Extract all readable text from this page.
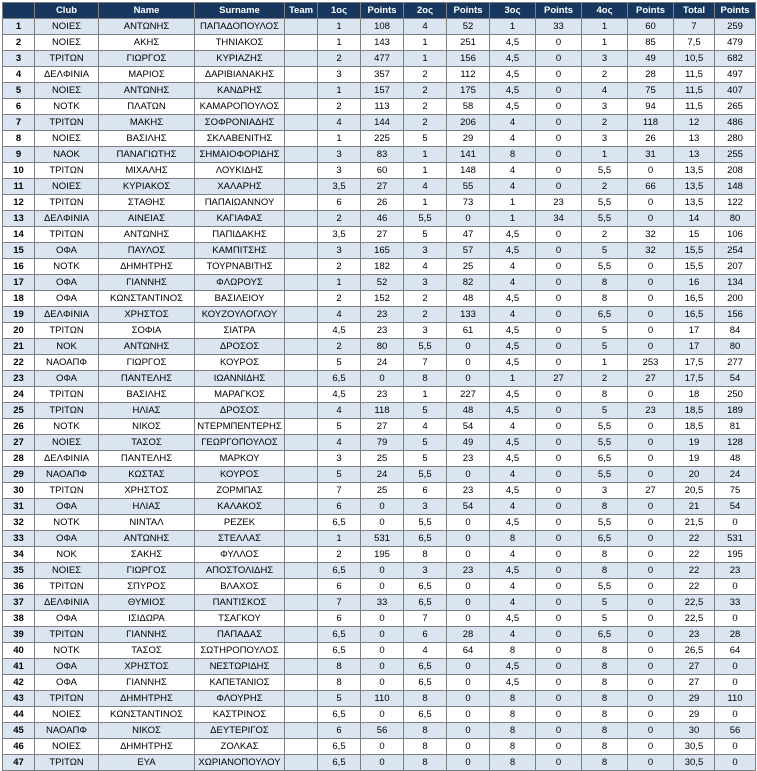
	Club	Name	Surname	Team	1ος	Points	2ος	Points	3ος	Points	4ος	Points	Total	Points
1	ΝΟΙΕΣ	ΑΝΤΩΝΗΣ	ΠΑΠΑΔΟΠΟΥΛΟΣ		1	108	4	52	1	33	1	60	7	259
2	ΝΟΙΕΣ	ΑΚΗΣ	ΤΗΝΙΑΚΟΣ		1	143	1	251	4,5	0	1	85	7,5	479
3	ΤΡΙΤΩΝ	ΓΙΩΡΓΟΣ	ΚΥΡΙΑΖΗΣ		2	477	1	156	4,5	0	3	49	10,5	682
4	ΔΕΛΦΙΝΙΑ	ΜΑΡΙΟΣ	ΔΑΡΙΒΙΑΝΑΚΗΣ		3	357	2	112	4,5	0	2	28	11,5	497
5	ΝΟΙΕΣ	ΑΝΤΩΝΗΣ	ΚΑΝΔΡΗΣ		1	157	2	175	4,5	0	4	75	11,5	407
6	ΝΟΤΚ	ΠΛΑΤΩΝ	ΚΑΜΑΡΟΠΟΥΛΟΣ		2	113	2	58	4,5	0	3	94	11,5	265
7	ΤΡΙΤΩΝ	ΜΑΚΗΣ	ΣΟΦΡΟΝΙΑΔΗΣ		4	144	2	206	4	0	2	118	12	486
8	ΝΟΙΕΣ	ΒΑΣΙΛΗΣ	ΣΚΛΑΒΕΝΙΤΗΣ		1	225	5	29	4	0	3	26	13	280
9	ΝΑΟΚ	ΠΑΝΑΓΙΩΤΗΣ	ΣΗΜΑΙΟΦΟΡΙΔΗΣ		3	83	1	141	8	0	1	31	13	255
10	ΤΡΙΤΩΝ	ΜΙΧΑΛΗΣ	ΛΟΥΚΙΔΗΣ		3	60	1	148	4	0	5,5	0	13,5	208
11	ΝΟΙΕΣ	ΚΥΡΙΑΚΟΣ	ΧΑΛΑΡΗΣ		3,5	27	4	55	4	0	2	66	13,5	148
12	ΤΡΙΤΩΝ	ΣΤΑΘΗΣ	ΠΑΠΑΙΩΑΝΝΟΥ		6	26	1	73	1	23	5,5	0	13,5	122
13	ΔΕΛΦΙΝΙΑ	ΑΙΝΕΙΑΣ	ΚΑΓΙΑΦΑΣ		2	46	5,5	0	1	34	5,5	0	14	80
14	ΤΡΙΤΩΝ	ΑΝΤΩΝΗΣ	ΠΑΠΙΔΑΚΗΣ		3,5	27	5	47	4,5	0	2	32	15	106
15	ΟΦΑ	ΠΑΥΛΟΣ	ΚΑΜΠΙΤΣΗΣ		3	165	3	57	4,5	0	5	32	15,5	254
16	ΝΟΤΚ	ΔΗΜΗΤΡΗΣ	ΤΟΥΡΝΑΒΙΤΗΣ		2	182	4	25	4	0	5,5	0	15,5	207
17	ΟΦΑ	ΓΙΑΝΝΗΣ	ΦΛΩΡΟΥΣ		1	52	3	82	4	0	8	0	16	134
18	ΟΦΑ	ΚΩΝΣΤΑΝΤΙΝΟΣ	ΒΑΣΙΛΕΙΟΥ		2	152	2	48	4,5	0	8	0	16,5	200
19	ΔΕΛΦΙΝΙΑ	ΧΡΗΣΤΟΣ	ΚΟΥΖΟΥΛΟΓΛΟΥ		4	23	2	133	4	0	6,5	0	16,5	156
20	ΤΡΙΤΩΝ	ΣΟΦΙΑ	ΣΙΑΤΡΑ		4,5	23	3	61	4,5	0	5	0	17	84
21	ΝΟΚ	ΑΝΤΩΝΗΣ	ΔΡΟΣΟΣ		2	80	5,5	0	4,5	0	5	0	17	80
22	ΝΑΟΑΠΦ	ΓΙΩΡΓΟΣ	ΚΟΥΡΟΣ		5	24	7	0	4,5	0	1	253	17,5	277
23	ΟΦΑ	ΠΑΝΤΕΛΗΣ	ΙΩΑΝΝΙΔΗΣ		6,5	0	8	0	1	27	2	27	17,5	54
24	ΤΡΙΤΩΝ	ΒΑΣΙΛΗΣ	ΜΑΡΑΓΚΟΣ		4,5	23	1	227	4,5	0	8	0	18	250
25	ΤΡΙΤΩΝ	ΗΛΙΑΣ	ΔΡΟΣΟΣ		4	118	5	48	4,5	0	5	23	18,5	189
26	ΝΟΤΚ	ΝΙΚΟΣ	ΝΤΕΡΜΠΕΝΤΕΡΗΣ		5	27	4	54	4	0	5,5	0	18,5	81
27	ΝΟΙΕΣ	ΤΑΣΟΣ	ΓΕΩΡΓΟΠΟΥΛΟΣ		4	79	5	49	4,5	0	5,5	0	19	128
28	ΔΕΛΦΙΝΙΑ	ΠΑΝΤΕΛΗΣ	ΜΑΡΚΟΥ		3	25	5	23	4,5	0	6,5	0	19	48
29	ΝΑΟΑΠΦ	ΚΩΣΤΑΣ	ΚΟΥΡΟΣ		5	24	5,5	0	4	0	5,5	0	20	24
30	ΤΡΙΤΩΝ	ΧΡΗΣΤΟΣ	ΖΟΡΜΠΑΣ		7	25	6	23	4,5	0	3	27	20,5	75
31	ΟΦΑ	ΗΛΙΑΣ	ΚΑΛΑΚΟΣ		6	0	3	54	4	0	8	0	21	54
32	ΝΟΤΚ	ΝΙΝΤΑΛ	ΡΕΖΕΚ		6,5	0	5,5	0	4,5	0	5,5	0	21,5	0
33	ΟΦΑ	ΑΝΤΩΝΗΣ	ΣΤΕΛΛΑΣ		1	531	6,5	0	8	0	6,5	0	22	531
34	ΝΟΚ	ΣΑΚΗΣ	ΦΥΛΛΟΣ		2	195	8	0	4	0	8	0	22	195
35	ΝΟΙΕΣ	ΓΙΩΡΓΟΣ	ΑΠΟΣΤΟΛΙΔΗΣ		6,5	0	3	23	4,5	0	8	0	22	23
36	ΤΡΙΤΩΝ	ΣΠΥΡΟΣ	ΒΛΑΧΟΣ		6	0	6,5	0	4	0	5,5	0	22	0
37	ΔΕΛΦΙΝΙΑ	ΘΥΜΙΟΣ	ΠΑΝΤΙΣΚΟΣ		7	33	6,5	0	4	0	5	0	22,5	33
38	ΟΦΑ	ΙΣΙΔΩΡΑ	ΤΣΑΓΚΟΥ		6	0	7	0	4,5	0	5	0	22,5	0
39	ΤΡΙΤΩΝ	ΓΙΑΝΝΗΣ	ΠΑΠΑΔΑΣ		6,5	0	6	28	4	0	6,5	0	23	28
40	ΝΟΤΚ	ΤΑΣΟΣ	ΣΩΤΗΡΟΠΟΥΛΟΣ		6,5	0	4	64	8	0	8	0	26,5	64
41	ΟΦΑ	ΧΡΗΣΤΟΣ	ΝΕΣΤΩΡΙΔΗΣ		8	0	6,5	0	4,5	0	8	0	27	0
42	ΟΦΑ	ΓΙΑΝΝΗΣ	ΚΑΠΕΤΑΝΙΟΣ		8	0	6,5	0	4,5	0	8	0	27	0
43	ΤΡΙΤΩΝ	ΔΗΜΗΤΡΗΣ	ΦΛΟΥΡΗΣ		5	110	8	0	8	0	8	0	29	110
44	ΝΟΙΕΣ	ΚΩΝΣΤΑΝΤΙΝΟΣ	ΚΑΣΤΡΙΝΟΣ		6,5	0	6,5	0	8	0	8	0	29	0
45	ΝΑΟΑΠΦ	ΝΙΚΟΣ	ΔΕΥΤΕΡΙΓΟΣ		6	56	8	0	8	0	8	0	30	56
46	ΝΟΙΕΣ	ΔΗΜΗΤΡΗΣ	ΖΟΛΚΑΣ		6,5	0	8	0	8	0	8	0	30,5	0
47	ΤΡΙΤΩΝ	ΕΥΑ	ΧΩΡΙΑΝΟΠΟΥΛΟΥ		6,5	0	8	0	8	0	8	0	30,5	0
